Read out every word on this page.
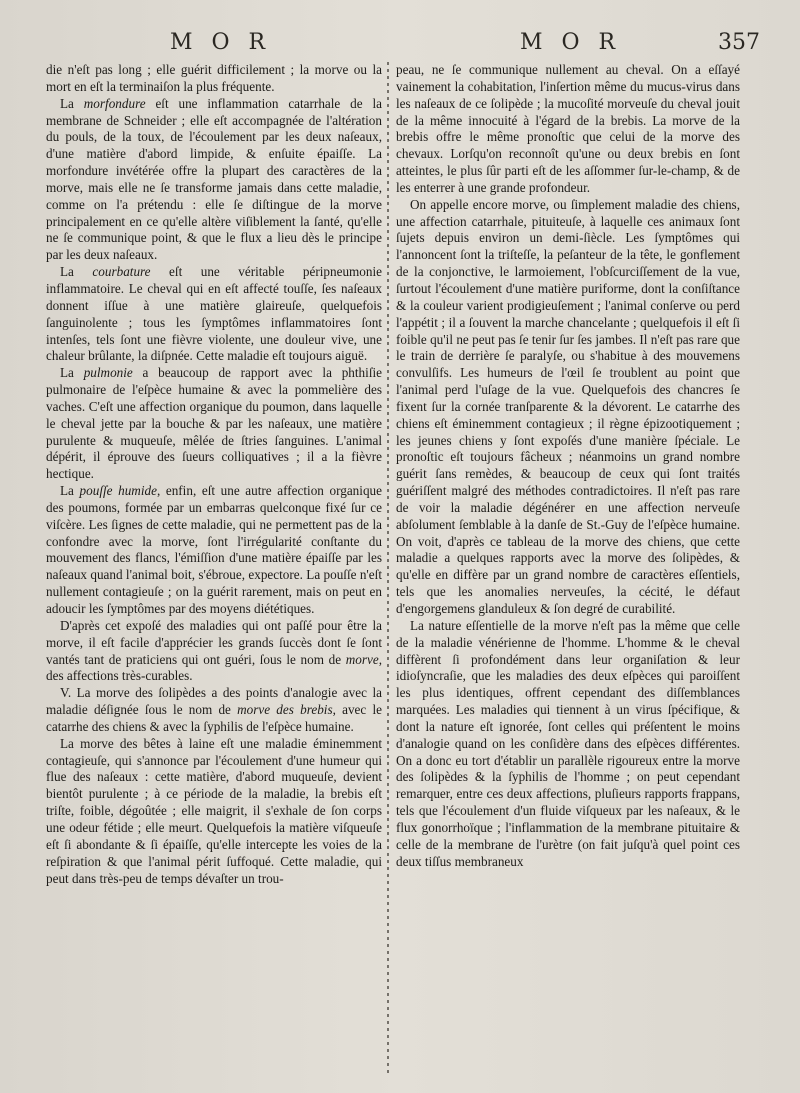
M O R	M O R	357

die n'eſt pas long ; elle guérit difficilement ; la morve ou la mort en eſt la terminaiſon la plus fréquente.

La morfondure eſt une inflammation catarrhale de la membrane de Schneider ; elle eſt accompagnée de l'altération du pouls, de la toux, de l'écoulement par les deux naſeaux, d'une matière d'abord limpide, & enſuite épaiſſe. La morfondure invétérée offre la plupart des caractères de la morve, mais elle ne ſe transforme jamais dans cette maladie, comme on l'a prétendu : elle ſe diſtingue de la morve principalement en ce qu'elle altère viſiblement la ſanté, qu'elle ne ſe communique point, & que le flux a lieu dès le principe par les deux naſeaux.

La courbature eſt une véritable péripneumonie inflammatoire. Le cheval qui en eſt affecté touſſe, ſes naſeaux donnent iſſue à une matière glaireuſe, quelquefois ſanguinolente ; tous les ſymptômes inflammatoires ſont intenſes, tels ſont une fièvre violente, une douleur vive, une chaleur brûlante, la diſpnée. Cette maladie eſt toujours aiguë.

La pulmonie a beaucoup de rapport avec la phthiſie pulmonaire de l'eſpèce humaine & avec la pommelière des vaches. C'eſt une affection organique du poumon, dans laquelle le cheval jette par la bouche & par les naſeaux, une matière purulente & muqueuſe, mêlée de ſtries ſanguines. L'animal dépérit, il éprouve des ſueurs colliquatives ; il a la fièvre hectique.

La pouſſe humide, enfin, eſt une autre affection organique des poumons, formée par un embarras quelconque fixé ſur ce viſcère. Les ſignes de cette maladie, qui ne permettent pas de la confondre avec la morve, ſont l'irrégularité conſtante du mouvement des flancs, l'émiſſion d'une matière épaiſſe par les naſeaux quand l'animal boit, s'ébroue, expectore. La pouſſe n'eſt nullement contagieuſe ; on la guérit rarement, mais on peut en adoucir les ſymptômes par des moyens diététiques.

D'après cet expoſé des maladies qui ont paſſé pour être la morve, il eſt facile d'apprécier les grands ſuccès dont ſe ſont vantés tant de praticiens qui ont guéri, ſous le nom de morve, des affections très-curables.

V. La morve des ſolipèdes a des points d'analogie avec la maladie déſignée ſous le nom de morve des brebis, avec le catarrhe des chiens & avec la ſyphilis de l'eſpèce humaine.

La morve des bêtes à laine eſt une maladie éminemment contagieuſe, qui s'annonce par l'écoulement d'une humeur qui flue des naſeaux : cette matière, d'abord muqueuſe, devient bientôt purulente ; à ce période de la maladie, la brebis eſt triſte, foible, dégoûtée ; elle maigrit, il s'exhale de ſon corps une odeur fétide ; elle meurt. Quelquefois la matière viſqueuſe eſt ſi abondante & ſi épaiſſe, qu'elle intercepte les voies de la reſpiration & que l'animal périt ſuffoqué. Cette maladie, qui peut dans très-peu de temps dévaſter un trou-

peau, ne ſe communique nullement au cheval. On a eſſayé vainement la cohabitation, l'inſertion même du mucus-virus dans les naſeaux de ce ſolipède ; la mucoſité morveuſe du cheval jouit de la même innocuité à l'égard de la brebis. La morve de la brebis offre le même pronoſtic que celui de la morve des chevaux. Lorſqu'on reconnoît qu'une ou deux brebis en ſont atteintes, le plus ſûr parti eſt de les aſſommer ſur-le-champ, & de les enterrer à une grande profondeur.

On appelle encore morve, ou ſimplement maladie des chiens, une affection catarrhale, pituiteuſe, à laquelle ces animaux ſont ſujets depuis environ un demi-ſiècle. Les ſymptômes qui l'annoncent ſont la triſteſſe, la peſanteur de la tête, le gonflement de la conjonctive, le larmoiement, l'obſcurciſſement de la vue, ſurtout l'écoulement d'une matière puriforme, dont la conſiſtance & la couleur varient prodigieuſement ; l'animal conſerve ou perd l'appétit ; il a ſouvent la marche chancelante ; quelquefois il eſt ſi foible qu'il ne peut pas ſe tenir ſur ſes jambes. Il n'eſt pas rare que le train de derrière ſe paralyſe, ou s'habitue à des mouvemens convulſifs. Les humeurs de l'œil ſe troublent au point que l'animal perd l'uſage de la vue. Quelquefois des chancres ſe fixent ſur la cornée tranſparente & la dévorent. Le catarrhe des chiens eſt éminemment contagieux ; il règne épizootiquement ; les jeunes chiens y ſont expoſés d'une manière ſpéciale. Le pronoſtic eſt toujours fâcheux ; néanmoins un grand nombre guérit ſans remèdes, & beaucoup de ceux qui ſont traités guériſſent malgré des méthodes contradictoires. Il n'eſt pas rare de voir la maladie dégénérer en une affection nerveuſe abſolument ſemblable à la danſe de St.-Guy de l'eſpèce humaine. On voit, d'après ce tableau de la morve des chiens, que cette maladie a quelques rapports avec la morve des ſolipèdes, & qu'elle en diffère par un grand nombre de caractères eſſentiels, tels que les anomalies nerveuſes, la cécité, le défaut d'engorgemens glanduleux & ſon degré de curabilité.

La nature eſſentielle de la morve n'eſt pas la même que celle de la maladie vénérienne de l'homme. L'homme & le cheval diffèrent ſi profondément dans leur organiſation & leur idioſyncraſie, que les maladies des deux eſpèces qui paroiſſent les plus identiques, offrent cependant des diſſemblances marquées. Les maladies qui tiennent à un virus ſpécifique, & dont la nature eſt ignorée, ſont celles qui préſentent le moins d'analogie quand on les conſidère dans des eſpèces différentes. On a donc eu tort d'établir un parallèle rigoureux entre la morve des ſolipèdes & la ſyphilis de l'homme ; on peut cependant remarquer, entre ces deux affections, pluſieurs rapports frappans, tels que l'écoulement d'un fluide viſqueux par les naſeaux, & le flux gonorrhoïque ; l'inflammation de la membrane pituitaire & celle de la membrane de l'urètre (on fait juſqu'à quel point ces deux tiſſus membraneux
